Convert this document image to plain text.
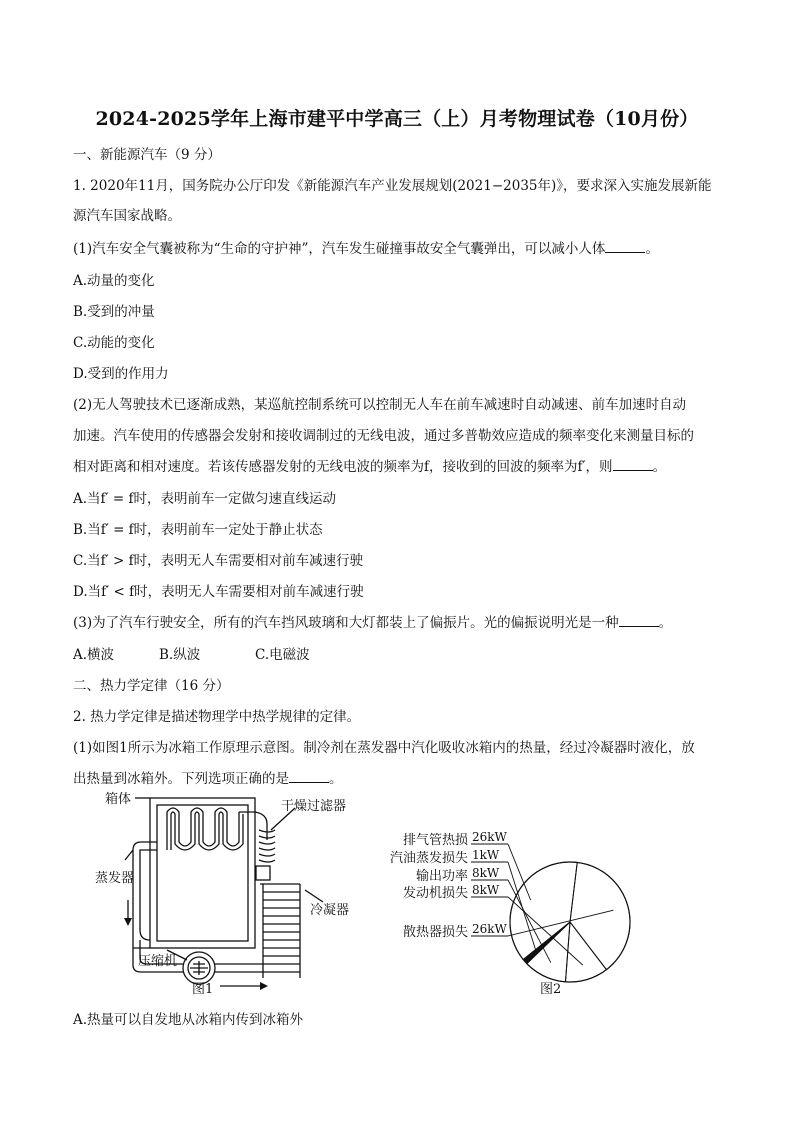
2024-2025学年上海市建平中学高三（上）月考物理试卷（10月份）
一、新能源汽车（9 分）
1. 2020年11月，国务院办公厅印发《新能源汽车产业发展规划(2021−2035年)》，要求深入实施发展新能
源汽车国家战略。
(1)汽车安全气囊被称为“生命的守护神”，汽车发生碰撞事故安全气囊弹出，可以减小人体	。
A.动量的变化
B.受到的冲量
C.动能的变化
D.受到的作用力
(2)无人驾驶技术已逐渐成熟，某巡航控制系统可以控制无人车在前车减速时自动减速、前车加速时自动
加速。汽车使用的传感器会发射和接收调制过的无线电波，通过多普勒效应造成的频率变化来测量目标的
相对距离和相对速度。若该传感器发射的无线电波的频率为f，接收到的回波的频率为f′，则	。
A.当f′ = f时，表明前车一定做匀速直线运动
B.当f′ = f时，表明前车一定处于静止状态
C.当f′ > f时，表明无人车需要相对前车减速行驶
D.当f′ < f时，表明无人车需要相对前车减速行驶
(3)为了汽车行驶安全，所有的汽车挡风玻璃和大灯都装上了偏振片。光的偏振说明光是一种	。
A.横波	B.纵波	C.电磁波
二、热力学定律（16 分）
2. 热力学定律是描述物理学中热学规律的定律。
(1)如图1所示为冰箱工作原理示意图。制冷剂在蒸发器中汽化吸收冰箱内的热量，经过冷凝器时液化，放
出热量到冰箱外。下列选项正确的是	。
箱体	干燥过滤器
蒸发器
冷凝器
压缩机
图1
排气管热损 26kW
汽油蒸发损失 1kW
输出功率 8kW
发动机损失 8kW
散热器损失 26kW
图2
A.热量可以自发地从冰箱内传到冰箱外
